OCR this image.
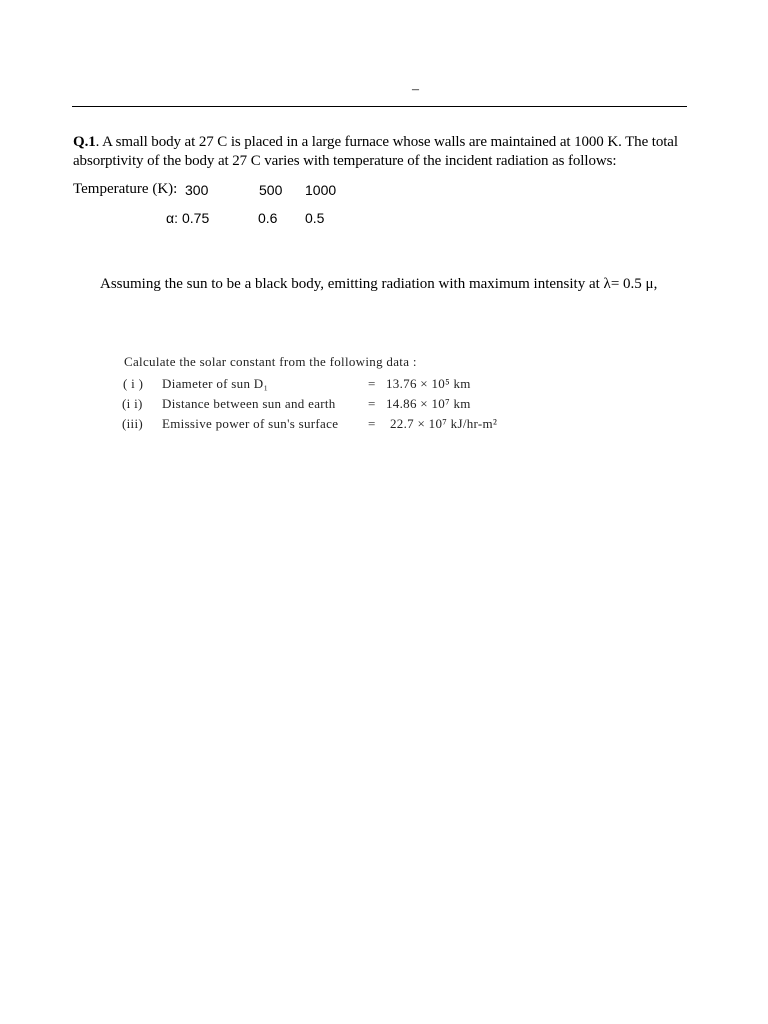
–
Q.1. A small body at 27 C is placed in a large furnace whose walls are maintained at 1000 K. The total absorptivity of the body at 27 C varies with temperature of the incident radiation as follows:
Temperature (K): 300	500 1000
α: 0.75	0.6 0.5
Assuming the sun to be a black body, emitting radiation with maximum intensity at λ= 0.5 μ,
Calculate the solar constant from the following data :
( i ) Diameter of sun D₁	= 13.76 × 10⁵ km
(i i) Distance between sun and earth = 14.86 × 10⁷ km
(iii) Emissive power of sun's surface = 22.7 × 10⁷ kJ/hr-m²
